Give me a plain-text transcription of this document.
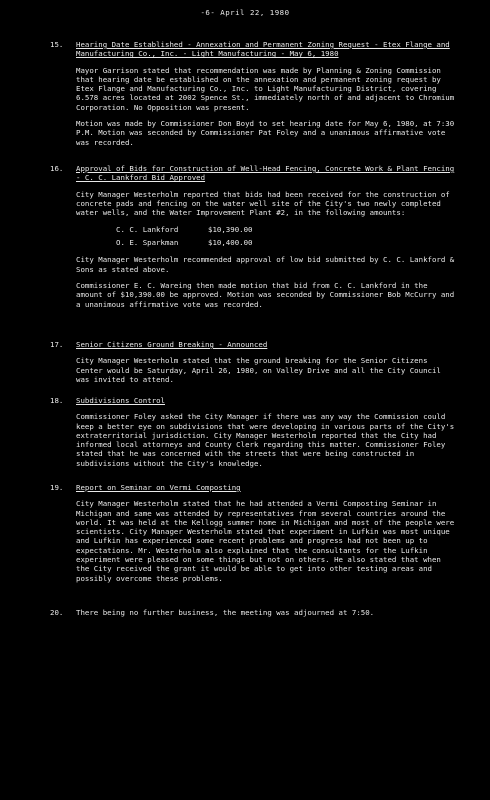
-6- April 22, 1980
15. Hearing Date Established - Annexation and Permanent Zoning Request - Etex Flange and Manufacturing Co., Inc. - Light Manufacturing - May 6, 1980

Mayor Garrison stated that recommendation was made by Planning & Zoning Commission that hearing date be established on the annexation and permanent zoning request by Etex Flange and Manufacturing Co., Inc. to Light Manufacturing District, covering 6.578 acres located at 2002 Spence St., immediately north of and adjacent to Chromium Corporation. No Opposition was present.

Motion was made by Commissioner Don Boyd to set hearing date for May 6, 1980, at 7:30 P.M. Motion was seconded by Commissioner Pat Foley and a unanimous affirmative vote was recorded.

16. Approval of Bids for Construction of Well-Head Fencing, Concrete Work & Plant Fencing - C. C. Lankford Bid Approved

City Manager Westerholm reported that bids had been received for the construction of concrete pads and fencing on the water well site of the City's two newly completed water wells, and the Water Improvement Plant #2, in the following amounts:

C. C. Lankford	$10,390.00
O. E. Sparkman	$10,400.00

City Manager Westerholm recommended approval of low bid submitted by C. C. Lankford & Sons as stated above.

Commissioner E. C. Wareing then made motion that bid from C. C. Lankford in the amount of $10,390.00 be approved. Motion was seconded by Commissioner Bob McCurry and a unanimous affirmative vote was recorded.

17. Senior Citizens Ground Breaking - Announced

City Manager Westerholm stated that the ground breaking for the Senior Citizens Center would be Saturday, April 26, 1980, on Valley Drive and all the City Council was invited to attend.

18. Subdivisions Control

Commissioner Foley asked the City Manager if there was any way the Commission could keep a better eye on subdivisions that were developing in various parts of the City's extraterritorial jurisdiction. City Manager Westerholm reported that the City had informed local attorneys and County Clerk regarding this matter. Commissioner Foley stated that he was concerned with the streets that were being constructed in subdivisions without the City's knowledge.

19. Report on Seminar on Vermi Composting

City Manager Westerholm stated that he had attended a Vermi Composting Seminar in Michigan and same was attended by representatives from several countries around the world. It was held at the Kellogg summer home in Michigan and most of the people were scientists. City Manager Westerholm stated that experiment in Lufkin was most unique and Lufkin has experienced some recent problems and progress had not been up to expectations. Mr. Westerholm also explained that the consultants for the Lufkin experiment were pleased on some things but not on others. He also stated that when the City received the grant it would be able to get into other testing areas and possibly overcome these problems.

20. There being no further business, the meeting was adjourned at 7:50.
